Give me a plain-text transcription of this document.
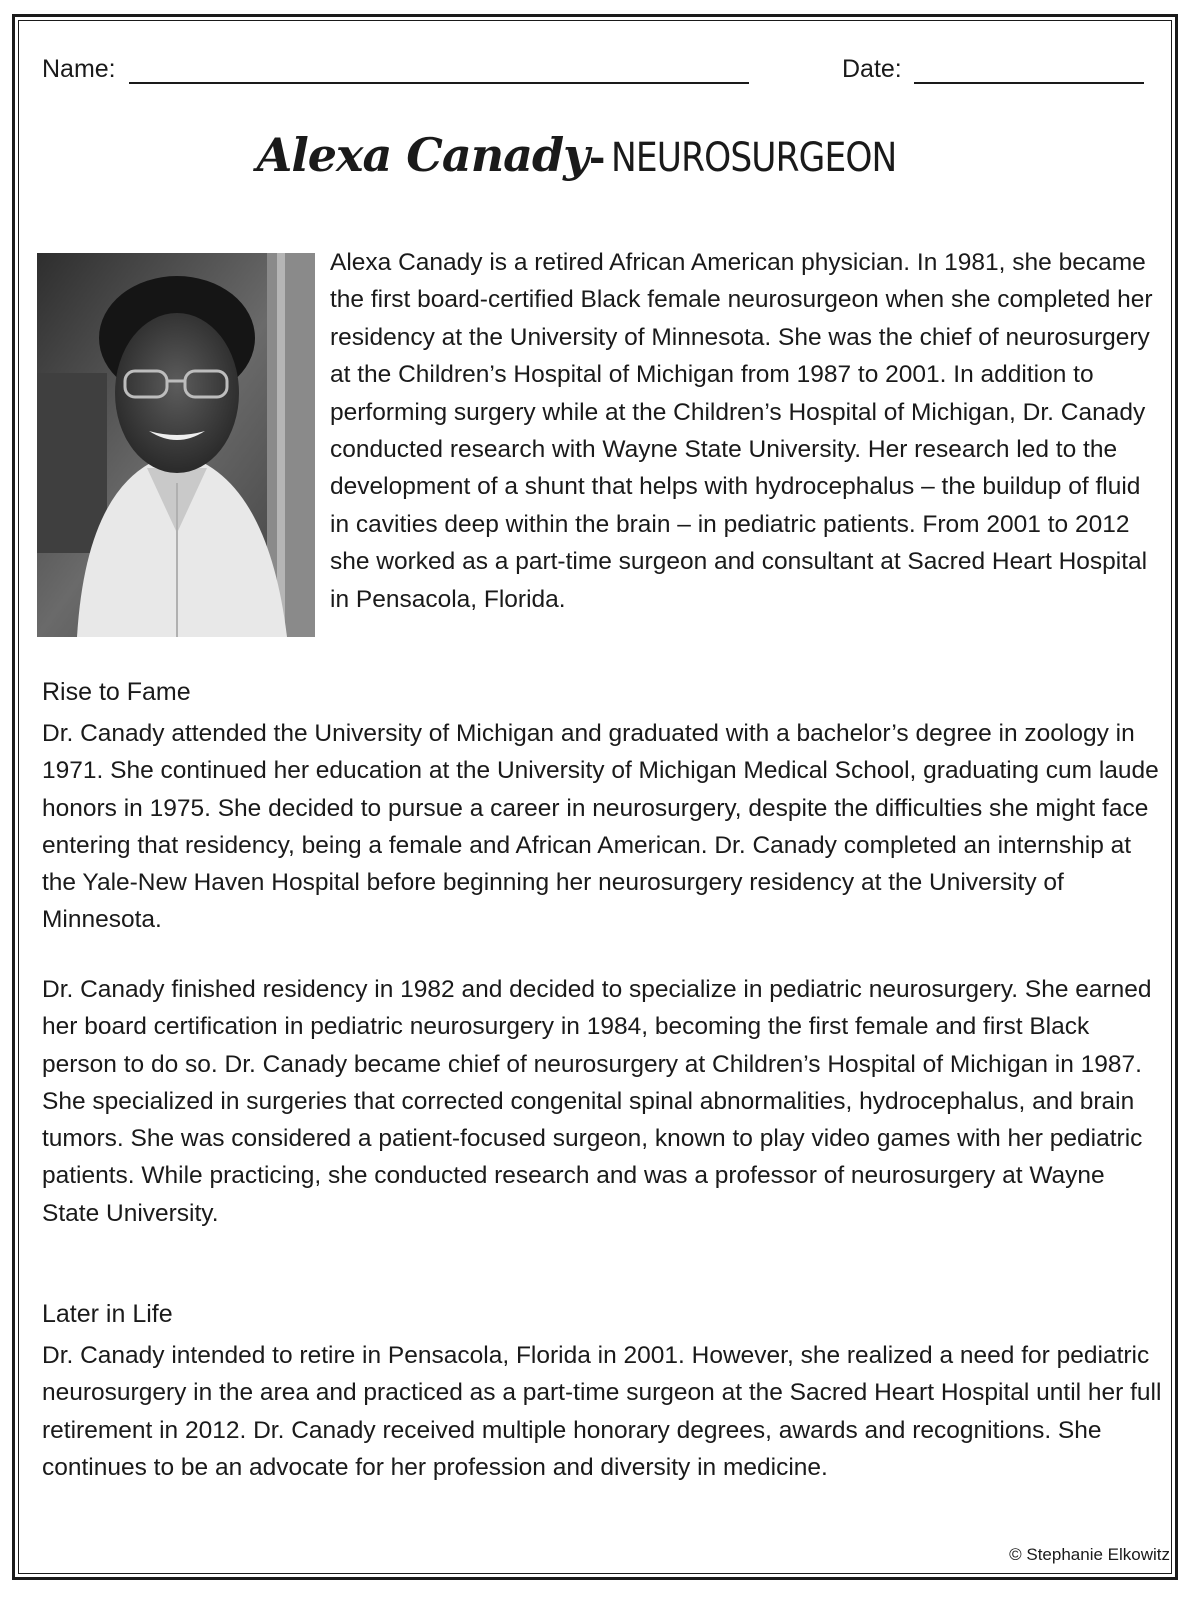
Name:	Date:
Alexa Canady- NEUROSURGEON

Alexa Canady is a retired African American physician. In 1981, she became the first board-certified Black female neurosurgeon when she completed her residency at the University of Minnesota. She was the chief of neurosurgery at the Children’s Hospital of Michigan from 1987 to 2001. In addition to performing surgery while at the Children’s Hospital of Michigan, Dr. Canady conducted research with Wayne State University. Her research led to the development of a shunt that helps with hydrocephalus – the buildup of fluid in cavities deep within the brain – in pediatric patients. From 2001 to 2012 she worked as a part-time surgeon and consultant at Sacred Heart Hospital in Pensacola, Florida.

Rise to Fame

Dr. Canady attended the University of Michigan and graduated with a bachelor’s degree in zoology in 1971. She continued her education at the University of Michigan Medical School, graduating cum laude honors in 1975. She decided to pursue a career in neurosurgery, despite the difficulties she might face entering that residency, being a female and African American. Dr. Canady completed an internship at the Yale-New Haven Hospital before beginning her neurosurgery residency at the University of Minnesota.

Dr. Canady finished residency in 1982 and decided to specialize in pediatric neurosurgery. She earned her board certification in pediatric neurosurgery in 1984, becoming the first female and first Black person to do so. Dr. Canady became chief of neurosurgery at Children’s Hospital of Michigan in 1987. She specialized in surgeries that corrected congenital spinal abnormalities, hydrocephalus, and brain tumors. She was considered a patient-focused surgeon, known to play video games with her pediatric patients. While practicing, she conducted research and was a professor of neurosurgery at Wayne State University.

Later in Life

Dr. Canady intended to retire in Pensacola, Florida in 2001. However, she realized a need for pediatric neurosurgery in the area and practiced as a part-time surgeon at the Sacred Heart Hospital until her full retirement in 2012. Dr. Canady received multiple honorary degrees, awards and recognitions. She continues to be an advocate for her profession and diversity in medicine.

© Stephanie Elkowitz
